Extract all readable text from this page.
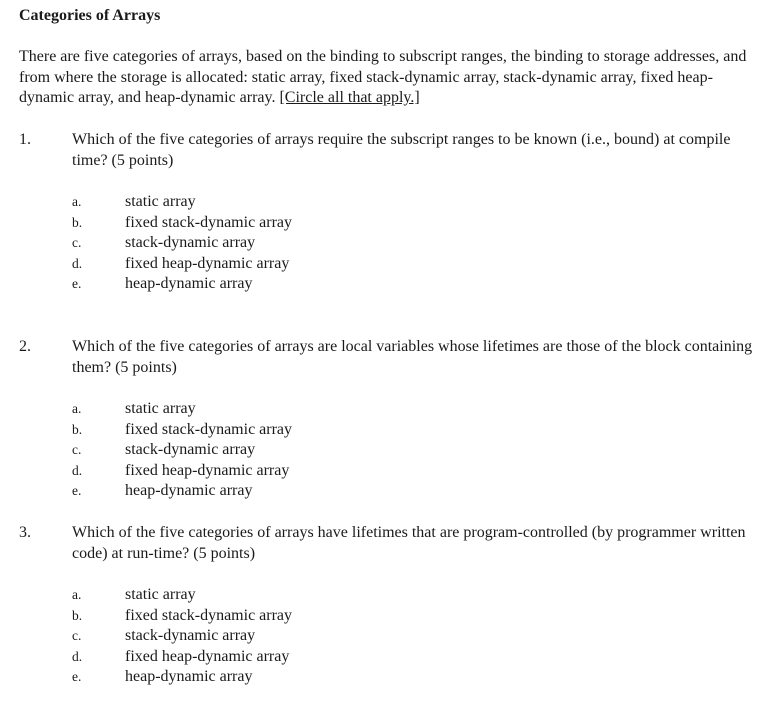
Categories of Arrays

There are five categories of arrays, based on the binding to subscript ranges, the binding to storage addresses, and from where the storage is allocated: static array, fixed stack-dynamic array, stack-dynamic array, fixed heap-dynamic array, and heap-dynamic array. [Circle all that apply.]

1.	Which of the five categories of arrays require the subscript ranges to be known (i.e., bound) at compile time? (5 points)

a.	static array
b.	fixed stack-dynamic array
c.	stack-dynamic array
d.	fixed heap-dynamic array
e.	heap-dynamic array
2.	Which of the five categories of arrays are local variables whose lifetimes are those of the block containing them? (5 points)

a.	static array
b.	fixed stack-dynamic array
c.	stack-dynamic array
d.	fixed heap-dynamic array
e.	heap-dynamic array
3.	Which of the five categories of arrays have lifetimes that are program-controlled (by programmer written code) at run-time? (5 points)

a.	static array
b.	fixed stack-dynamic array
c.	stack-dynamic array
d.	fixed heap-dynamic array
e.	heap-dynamic array
